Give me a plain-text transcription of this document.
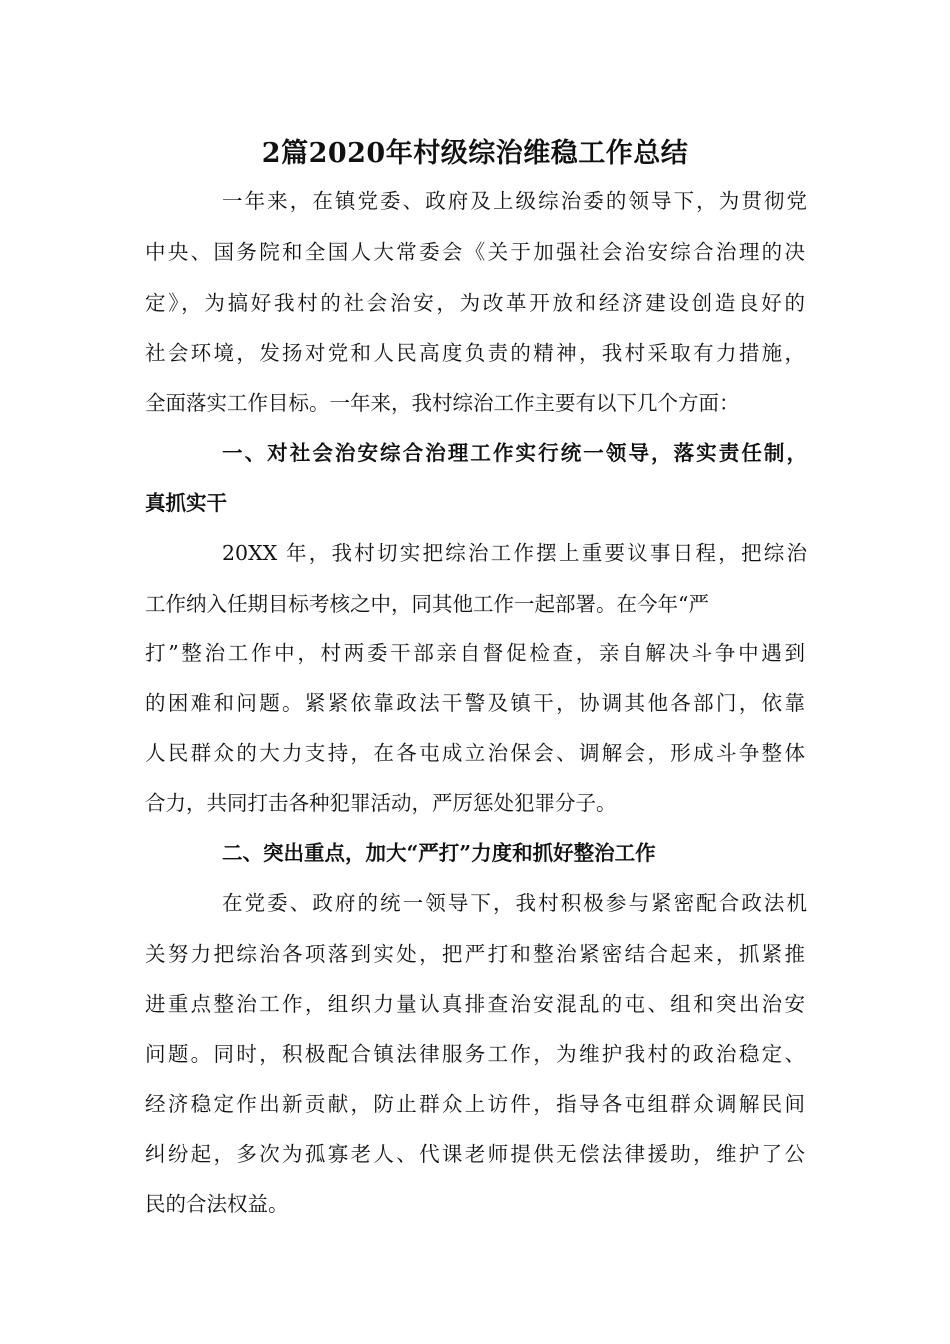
2篇2020年村级综治维稳工作总结
一年来，在镇党委、政府及上级综治委的领导下，为贯彻党
中央、国务院和全国人大常委会《关于加强社会治安综合治理的决
定》，为搞好我村的社会治安，为改革开放和经济建设创造良好的
社会环境，发扬对党和人民高度负责的精神，我村采取有力措施，
全面落实工作目标。一年来，我村综治工作主要有以下几个方面：
一、对社会治安综合治理工作实行统一领导，落实责任制，
真抓实干
20XX 年，我村切实把综治工作摆上重要议事日程，把综治
工作纳入任期目标考核之中，同其他工作一起部署。在今年“严
打”整治工作中，村两委干部亲自督促检查，亲自解决斗争中遇到
的困难和问题。紧紧依靠政法干警及镇干，协调其他各部门，依靠
人民群众的大力支持，在各屯成立治保会、调解会，形成斗争整体
合力，共同打击各种犯罪活动，严厉惩处犯罪分子。
二、突出重点，加大“严打”力度和抓好整治工作
在党委、政府的统一领导下，我村积极参与紧密配合政法机
关努力把综治各项落到实处，把严打和整治紧密结合起来，抓紧推
进重点整治工作，组织力量认真排查治安混乱的屯、组和突出治安
问题。同时，积极配合镇法律服务工作，为维护我村的政治稳定、
经济稳定作出新贡献，防止群众上访件，指导各屯组群众调解民间
纠纷起，多次为孤寡老人、代课老师提供无偿法律援助，维护了公
民的合法权益。
